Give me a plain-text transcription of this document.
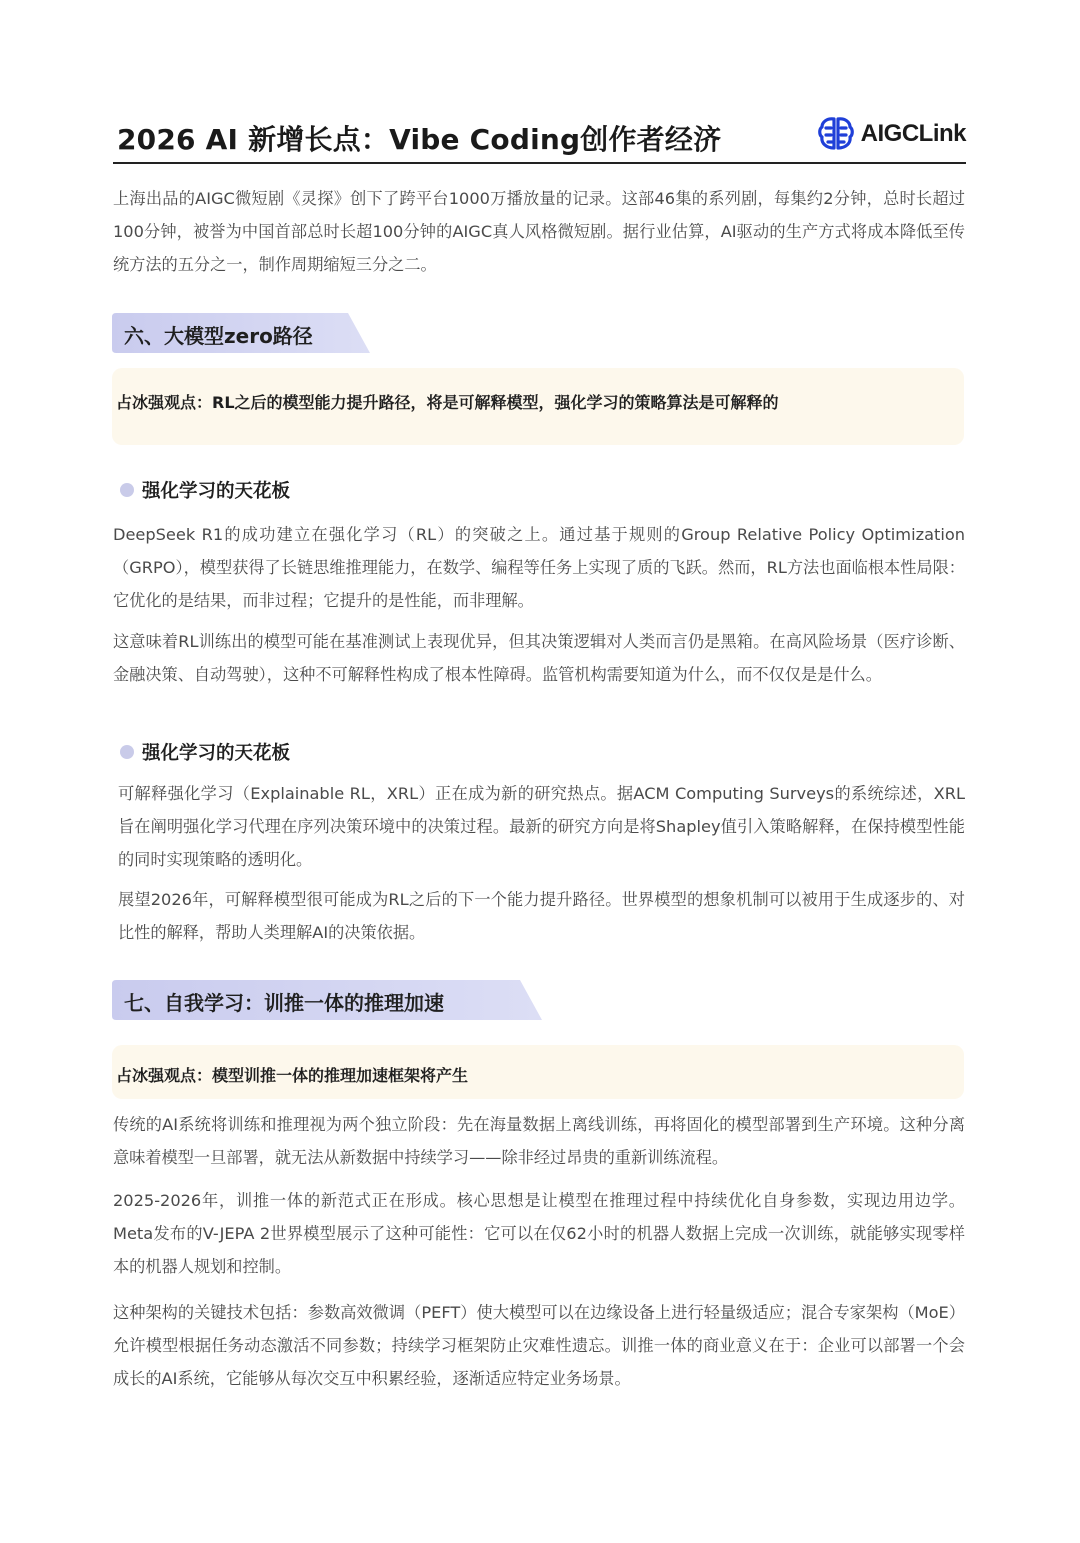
2026 AI 新增长点：Vibe Coding创作者经济	AIGCLink

上海出品的AIGC微短剧《灵探》创下了跨平台1000万播放量的记录。这部46集的系列剧，每集约2分钟，总时长超过100分钟，被誉为中国首部总时长超100分钟的AIGC真人风格微短剧。据行业估算，AI驱动的生产方式将成本降低至传统方法的五分之一，制作周期缩短三分之二。

六、大模型zero路径
占冰强观点：RL之后的模型能力提升路径，将是可解释模型，强化学习的策略算法是可解释的
强化学习的天花板

DeepSeek R1的成功建立在强化学习（RL）的突破之上。通过基于规则的Group Relative Policy Optimization（GRPO），模型获得了长链思维推理能力，在数学、编程等任务上实现了质的飞跃。然而，RL方法也面临根本性局限：它优化的是结果，而非过程；它提升的是性能，而非理解。

这意味着RL训练出的模型可能在基准测试上表现优异，但其决策逻辑对人类而言仍是黑箱。在高风险场景（医疗诊断、金融决策、自动驾驶），这种不可解释性构成了根本性障碍。监管机构需要知道为什么，而不仅仅是是什么。

强化学习的天花板

可解释强化学习（Explainable RL，XRL）正在成为新的研究热点。据ACM Computing Surveys的系统综述，XRL旨在阐明强化学习代理在序列决策环境中的决策过程。最新的研究方向是将Shapley值引入策略解释，在保持模型性能的同时实现策略的透明化。

展望2026年，可解释模型很可能成为RL之后的下一个能力提升路径。世界模型的想象机制可以被用于生成逐步的、对比性的解释，帮助人类理解AI的决策依据。

七、自我学习：训推一体的推理加速
占冰强观点：模型训推一体的推理加速框架将产生

传统的AI系统将训练和推理视为两个独立阶段：先在海量数据上离线训练，再将固化的模型部署到生产环境。这种分离意味着模型一旦部署，就无法从新数据中持续学习——除非经过昂贵的重新训练流程。

2025-2026年，训推一体的新范式正在形成。核心思想是让模型在推理过程中持续优化自身参数，实现边用边学。Meta发布的V-JEPA 2世界模型展示了这种可能性：它可以在仅62小时的机器人数据上完成一次训练，就能够实现零样本的机器人规划和控制。

这种架构的关键技术包括：参数高效微调（PEFT）使大模型可以在边缘设备上进行轻量级适应；混合专家架构（MoE）允许模型根据任务动态激活不同参数；持续学习框架防止灾难性遗忘。训推一体的商业意义在于：企业可以部署一个会成长的AI系统，它能够从每次交互中积累经验，逐渐适应特定业务场景。
